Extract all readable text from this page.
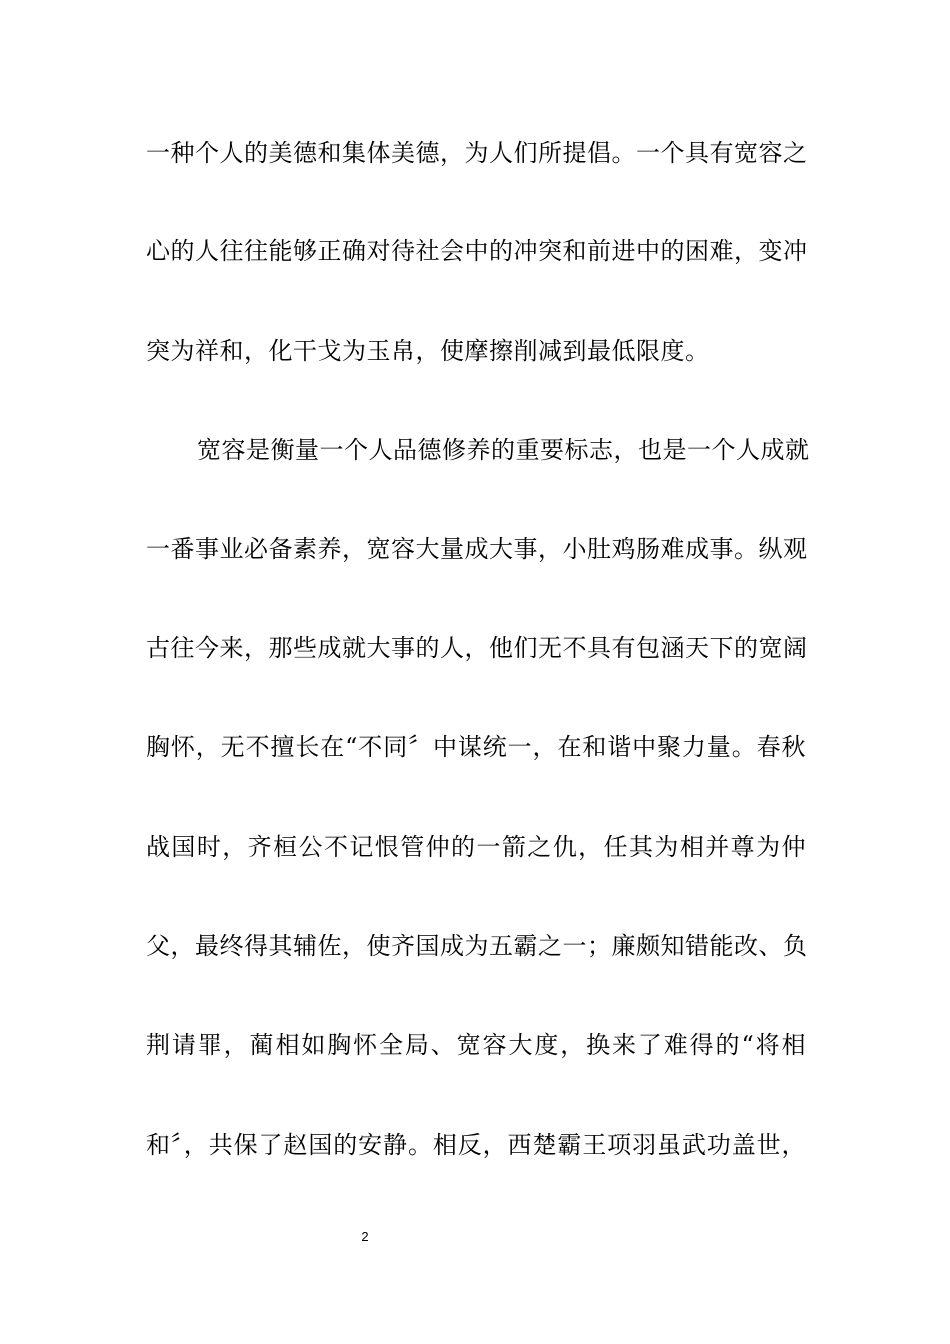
一种个人的美德和集体美德，为人们所提倡。一个具有宽容之
心的人往往能够正确对待社会中的冲突和前进中的困难，变冲
突为祥和，化干戈为玉帛，使摩擦削减到最低限度。
宽容是衡量一个人品德修养的重要标志，也是一个人成就
一番事业必备素养，宽容大量成大事，小肚鸡肠难成事。纵观
古往今来，那些成就大事的人，他们无不具有包涵天下的宽阔
胸怀，无不擅长在“不同〞中谋统一，在和谐中聚力量。春秋
战国时，齐桓公不记恨管仲的一箭之仇，任其为相并尊为仲
父，最终得其辅佐，使齐国成为五霸之一；廉颇知错能改、负
荆请罪，蔺相如胸怀全局、宽容大度，换来了难得的“将相
和〞，共保了赵国的安静。相反，西楚霸王项羽虽武功盖世，
2
